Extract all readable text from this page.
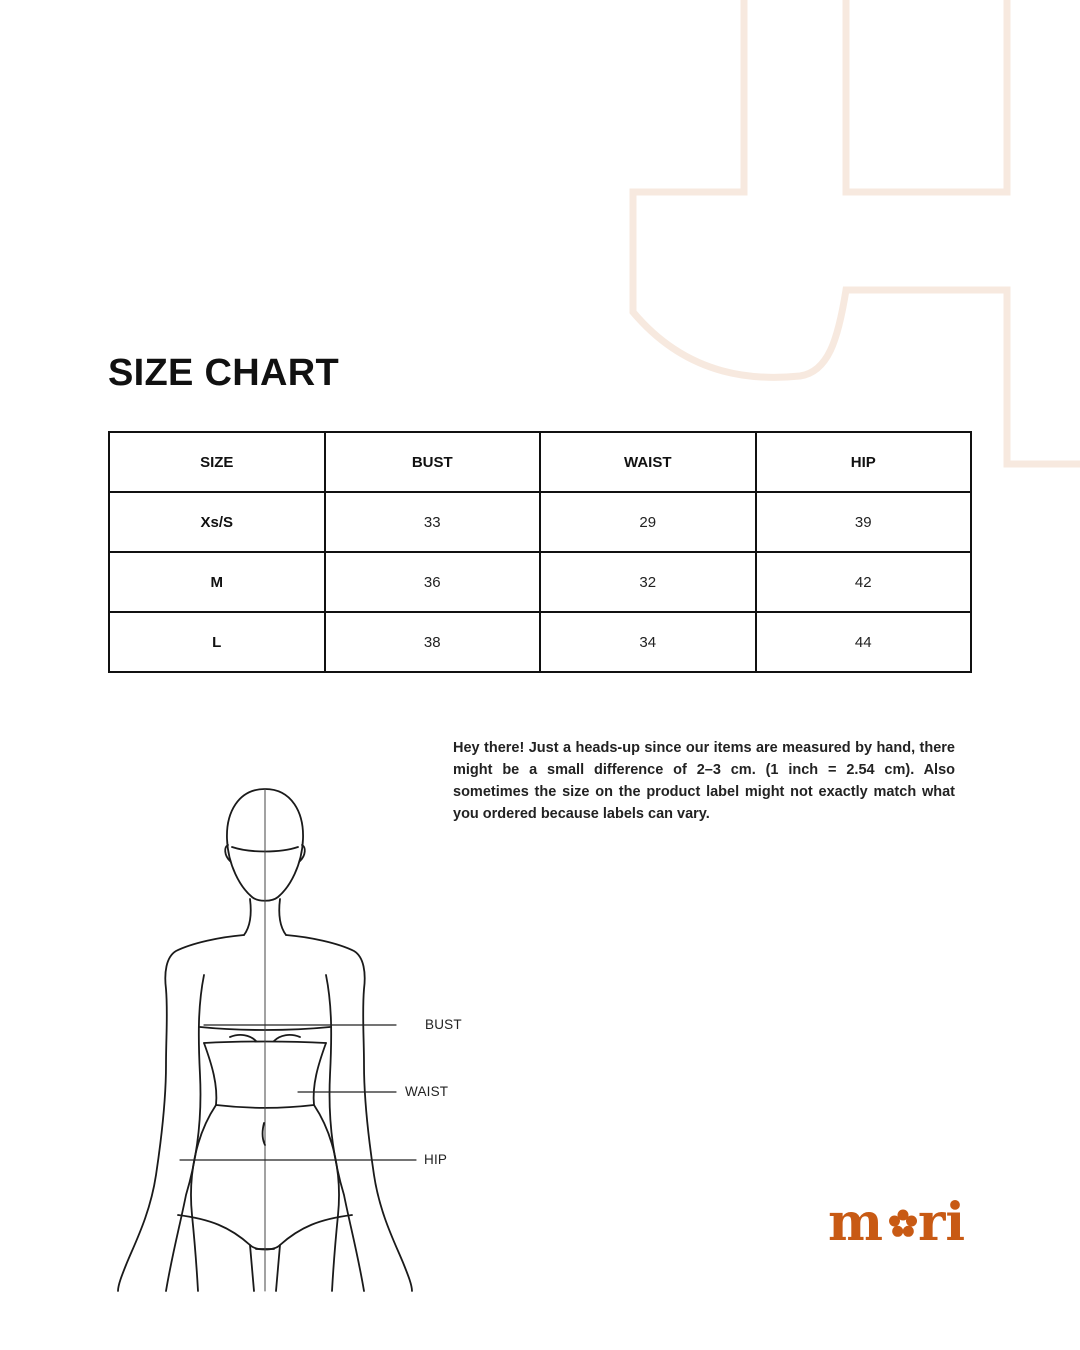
SIZE CHART
SIZE	BUST	WAIST	HIP
Xs/S	33	29	39
M	36	32	42
L	38	34	44

Hey there! Just a heads-up since our items are measured by hand, there might be a small difference of 2–3 cm. (1 inch = 2.54 cm). Also sometimes the size on the product label might not exactly match what you ordered because labels can vary.

BUST
WAIST
HIP
m ri
